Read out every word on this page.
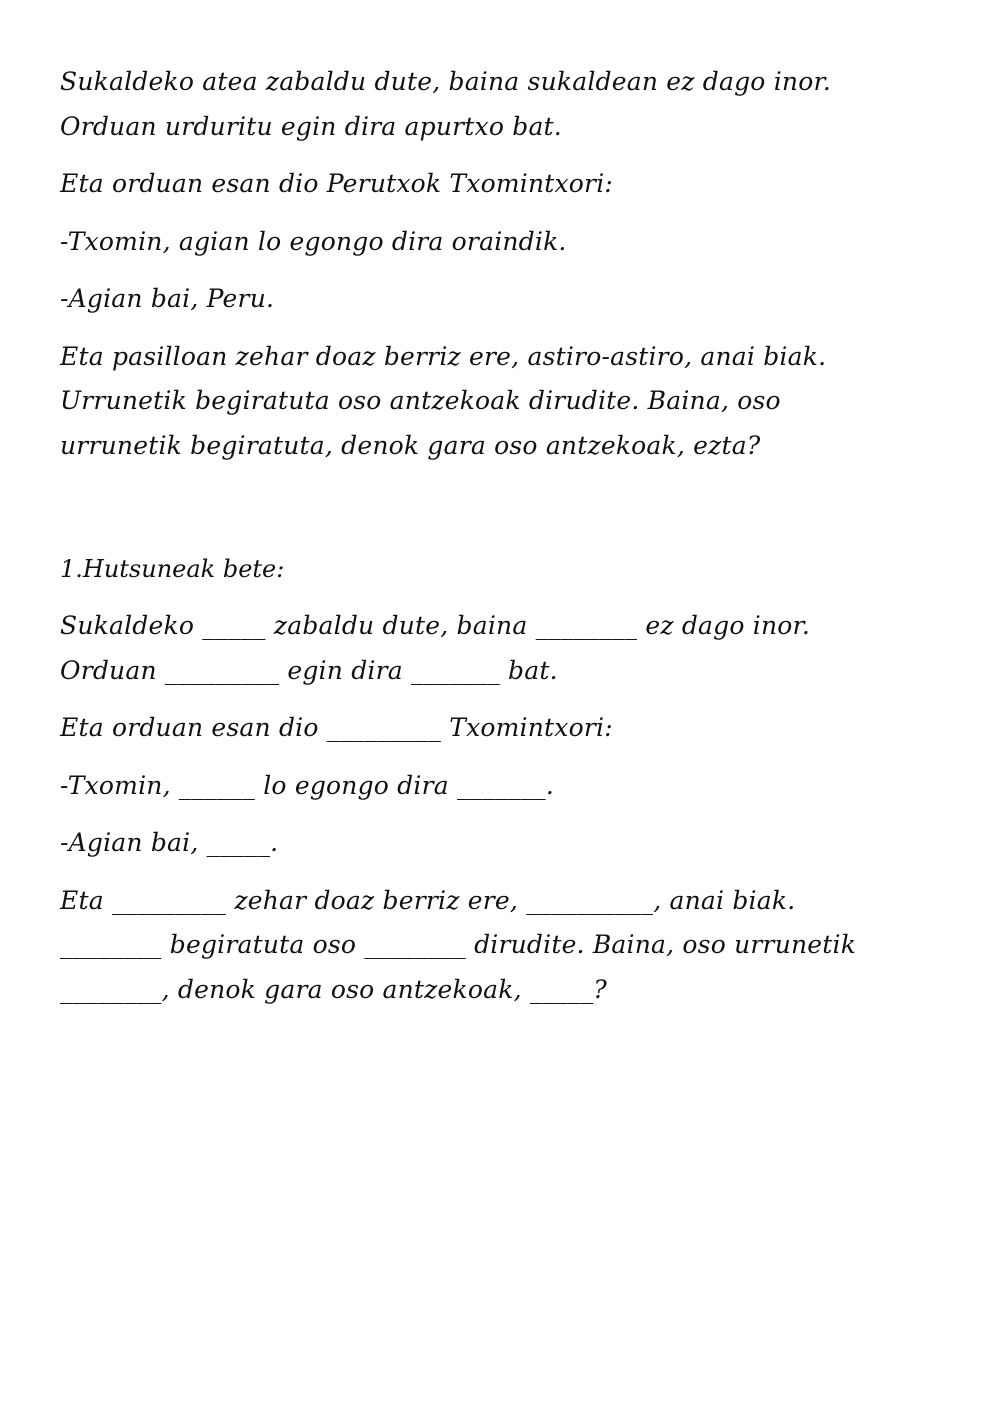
Sukaldeko atea zabaldu dute, baina sukaldean ez dago inor.
Orduan urduritu egin dira apurtxo bat.
Eta orduan esan dio Perutxok Txomintxori:
-Txomin, agian lo egongo dira oraindik.
-Agian bai, Peru.
Eta pasilloan zehar doaz berriz ere, astiro-astiro, anai biak.
Urrunetik begiratuta oso antzekoak dirudite. Baina, oso
urrunetik begiratuta, denok gara oso antzekoak, ezta?
1.Hutsuneak bete:
Sukaldeko _____ zabaldu dute, baina ________ ez dago inor.
Orduan _________ egin dira _______ bat.
Eta orduan esan dio _________ Txomintxori:
-Txomin, ______ lo egongo dira _______.
-Agian bai, _____.
Eta _________ zehar doaz berriz ere, __________, anai biak.
________ begiratuta oso ________ dirudite. Baina, oso urrunetik
________, denok gara oso antzekoak, _____?
